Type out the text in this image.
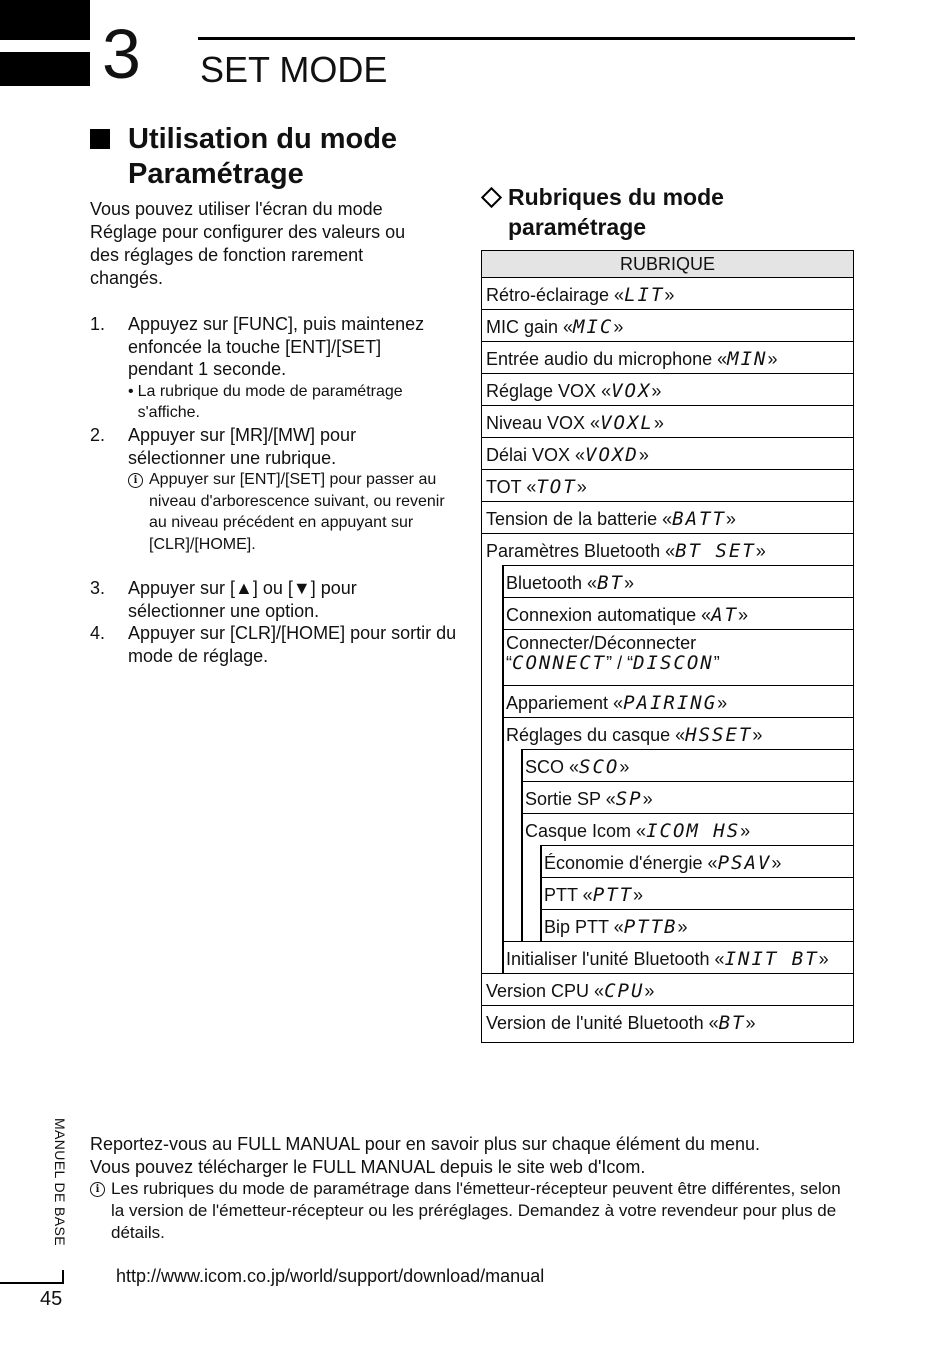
3 SET MODE
Utilisation du mode Paramétrage
Vous pouvez utiliser l'écran du mode Réglage pour configurer des valeurs ou des réglages de fonction rarement changés.
1. Appuyez sur [FUNC], puis maintenez enfoncée la touche [ENT]/[SET] pendant 1 seconde.
• La rubrique du mode de paramétrage s'affiche.
2. Appuyer sur [MR]/[MW] pour sélectionner une rubrique.
i Appuyer sur [ENT]/[SET] pour passer au niveau d'arborescence suivant, ou revenir au niveau précédent en appuyant sur [CLR]/[HOME].
3. Appuyer sur [▲] ou [▼] pour sélectionner une option.
4. Appuyer sur [CLR]/[HOME] pour sortir du mode de réglage.
Rubriques du mode paramétrage
RUBRIQUE
Rétro-éclairage «LIT»
MIC gain «MIC»
Entrée audio du microphone «MIN»
Réglage VOX «VOX»
Niveau VOX «VOXL»
Délai VOX «VOXD»
TOT «TOT»
Tension de la batterie «BATT»
Paramètres Bluetooth «BT SET»
Bluetooth «BT»
Connexion automatique «AT»
Connecter/Déconnecter
“CONNECT” / “DISCON”
Appariement «PAIRING»
Réglages du casque «HSSET»
SCO «SCO»
Sortie SP «SP»
Casque Icom «ICOM HS»
Économie d'énergie «PSAV»
PTT «PTT»
Bip PTT «PTTB»
Initialiser l'unité Bluetooth «INIT BT»
Version CPU «CPU»
Version de l'unité Bluetooth «BT»
MANUEL DE BASE
45
Reportez-vous au FULL MANUAL pour en savoir plus sur chaque élément du menu.
Vous pouvez télécharger le FULL MANUAL depuis le site web d'Icom.
i Les rubriques du mode de paramétrage dans l'émetteur-récepteur peuvent être différentes, selon la version de l'émetteur-récepteur ou les préréglages. Demandez à votre revendeur pour plus de détails.
http://www.icom.co.jp/world/support/download/manual
